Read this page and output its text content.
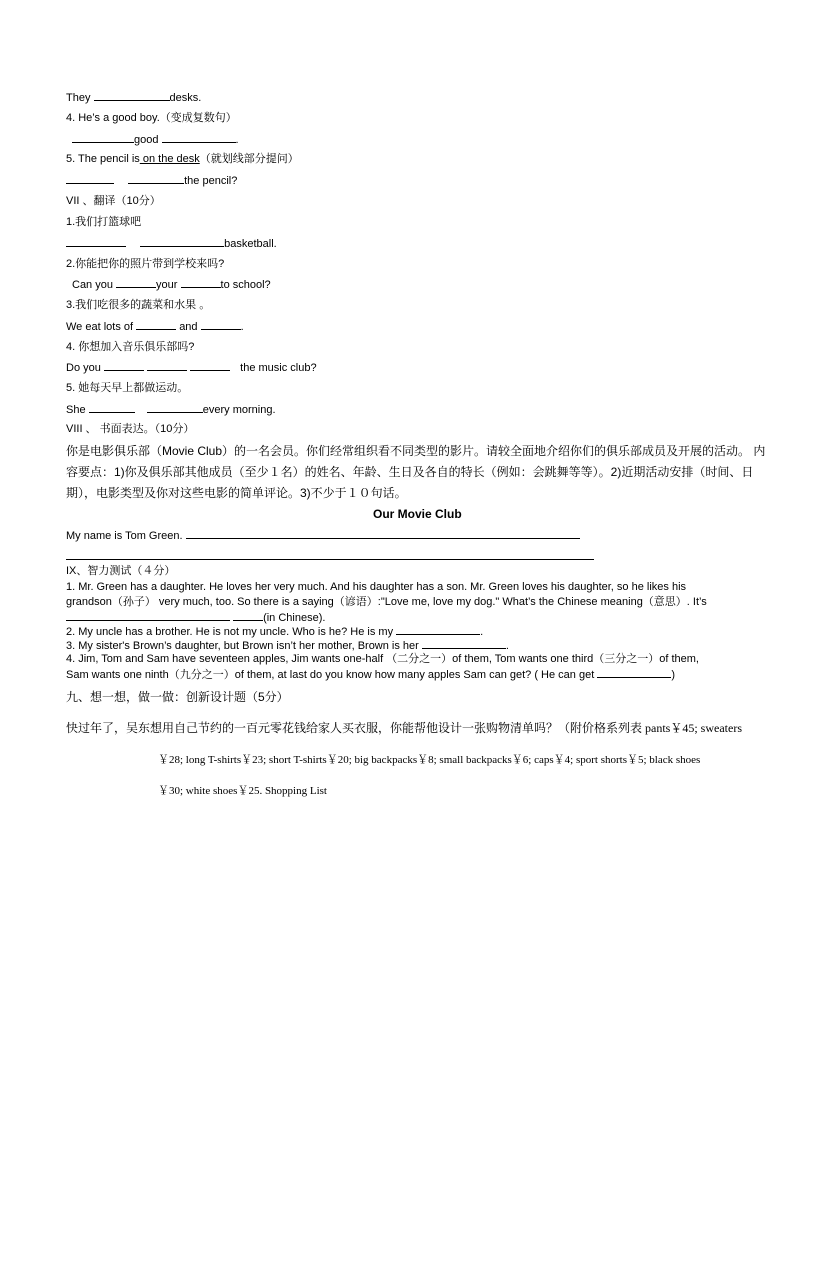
They	desks.
4. He’s a good boy.（变成复数句）
good	.
5. The pencil is on the desk（就划线部分提问）
the pencil?
VII 、翻译（10分）
1.我们打篮球吧
basketball.
2.你能把你的照片带到学校来吗?
Can you	your	to school?
3.我们吃很多的蔬菜和水果 。
We eat lots of	and	.
4. 你想加入音乐俱乐部吗?
Do you	the music club?
5. 她每天早上都做运动。
She	every morning.
VIII 、 书面表达。（10分）
你是电影俱乐部（Movie Club）的一名会员。你们经常组织看不同类型的影片。请较全面地介绍你们的俱乐部成员及开展的活动。 内
容要点：1)你及俱乐部其他成员（至少１名）的姓名、年龄、生日及各自的特长（例如：会跳舞等等）。2)近期活动安排（时间、日
期），电影类型及你对这些电影的简单评论。3)不少于１０句话。
Our Movie Club
My name is Tom Green.
IX、智力测试（４分）
1. Mr. Green has a daughter. He loves her very much. And his daughter has a son. Mr. Green loves his daughter, so he likes his
grandson（孙子） very much, too. So there is a saying（谚语）:"Love me, love my dog." What’s the Chinese meaning（意思）. It’s
(in Chinese).
2. My uncle has a brother. He is not my uncle. Who is he? He is my	.
3. My sister's Brown’s daughter, but Brown isn’t her mother, Brown is her	.
4. Jim, Tom and Sam have seventeen apples, Jim wants one-half （二分之一）of them, Tom wants one third（三分之一）of them,
Sam wants one ninth（九分之一）of them, at last do you know how many apples Sam can get? ( He can get	)
九、想一想，做一做：创新设计题（5分）
快过年了，吴东想用自己节约的一百元零花钱给家人买衣服，你能帮他设计一张购物清单吗？（附价格系列表 pants￥45; sweaters
￥28; long T-shirts￥23; short T-shirts￥20; big backpacks￥8; small backpacks￥6; caps￥4; sport shorts￥5; black shoes
￥30; white shoes￥25. Shopping List
